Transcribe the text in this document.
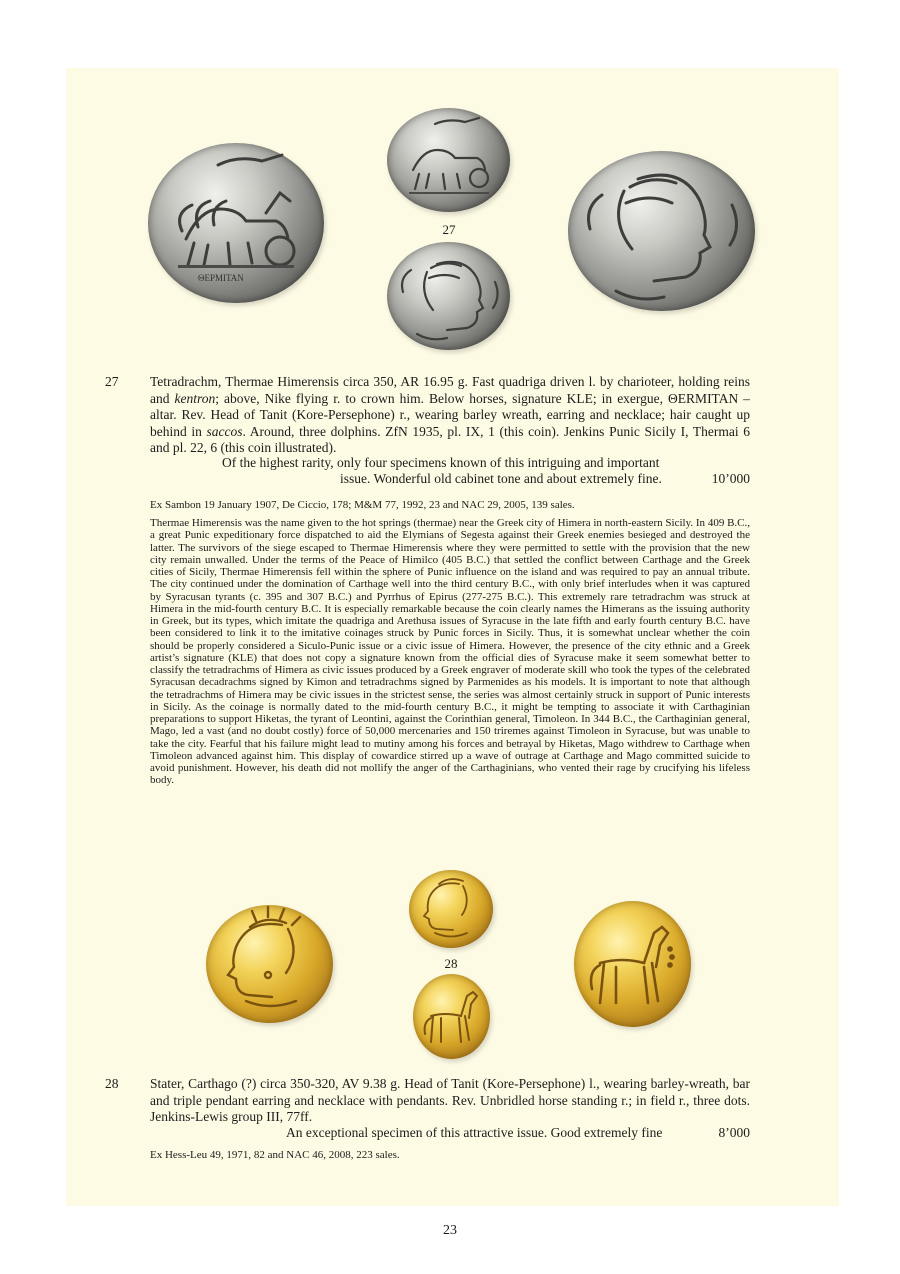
ΘEPMITAN
27
27 Tetradrachm, Thermae Himerensis circa 350, AR 16.95 g. Fast quadriga driven l. by charioteer, holding reins and kentron; above, Nike flying r. to crown him. Below horses, signature KLE; in exergue, ΘERMITAN – altar. Rev. Head of Tanit (Kore-Persephone) r., wearing barley wreath, earring and necklace; hair caught up behind in saccos. Around, three dolphins. ZfN 1935, pl. IX, 1 (this coin). Jenkins Punic Sicily I, Thermai 6 and pl. 22, 6 (this coin illustrated).
Of the highest rarity, only four specimens known of this intriguing and important
issue. Wonderful old cabinet tone and about extremely fine.	10’000
Ex Sambon 19 January 1907, De Ciccio, 178; M&M 77, 1992, 23 and NAC 29, 2005, 139 sales.
Thermae Himerensis was the name given to the hot springs (thermae) near the Greek city of Himera in north-eastern Sicily. In 409 B.C., a great Punic expeditionary force dispatched to aid the Elymians of Segesta against their Greek enemies besieged and destroyed the latter. The survivors of the siege escaped to Thermae Himerensis where they were permitted to settle with the provision that the new city remain unwalled. Under the terms of the Peace of Himilco (405 B.C.) that settled the conflict between Carthage and the Greek cities of Sicily, Thermae Himerensis fell within the sphere of Punic influence on the island and was required to pay an annual tribute. The city continued under the domination of Carthage well into the third century B.C., with only brief interludes when it was captured by Syracusan tyrants (c. 395 and 307 B.C.) and Pyrrhus of Epirus (277-275 B.C.). This extremely rare tetradrachm was struck at Himera in the mid-fourth century B.C. It is especially remarkable because the coin clearly names the Himerans as the issuing authority in Greek, but its types, which imitate the quadriga and Arethusa issues of Syracuse in the late fifth and early fourth century B.C. have been considered to link it to the imitative coinages struck by Punic forces in Sicily. Thus, it is somewhat unclear whether the coin should be properly considered a Siculo-Punic issue or a civic issue of Himera. However, the presence of the city ethnic and a Greek artist’s signature (KLE) that does not copy a signature known from the official dies of Syracuse make it seem somewhat better to classify the tetradrachms of Himera as civic issues produced by a Greek engraver of moderate skill who took the types of the celebrated Syracusan decadrachms signed by Kimon and tetradrachms signed by Parmenides as his models. It is important to note that although the tetradrachms of Himera may be civic issues in the strictest sense, the series was almost certainly struck in support of Punic interests in Sicily. As the coinage is normally dated to the mid-fourth century B.C., it might be tempting to associate it with Carthaginian preparations to support Hiketas, the tyrant of Leontini, against the Corinthian general, Timoleon. In 344 B.C., the Carthaginian general, Mago, led a vast (and no doubt costly) force of 50,000 mercenaries and 150 triremes against Timoleon in Syracuse, but was unable to take the city. Fearful that his failure might lead to mutiny among his forces and betrayal by Hiketas, Mago withdrew to Carthage when Timoleon advanced against him. This display of cowardice stirred up a wave of outrage at Carthage and Mago committed suicide to avoid punishment. However, his death did not mollify the anger of the Carthaginians, who vented their rage by crucifying his lifeless body.
28
28 Stater, Carthago (?) circa 350-320, AV 9.38 g. Head of Tanit (Kore-Persephone) l., wearing barley-wreath, bar and triple pendant earring and necklace with pendants. Rev. Unbridled horse standing r.; in field r., three dots. Jenkins-Lewis group III, 77ff.
An exceptional specimen of this attractive issue. Good extremely fine	8’000
Ex Hess-Leu 49, 1971, 82 and NAC 46, 2008, 223 sales.
23
